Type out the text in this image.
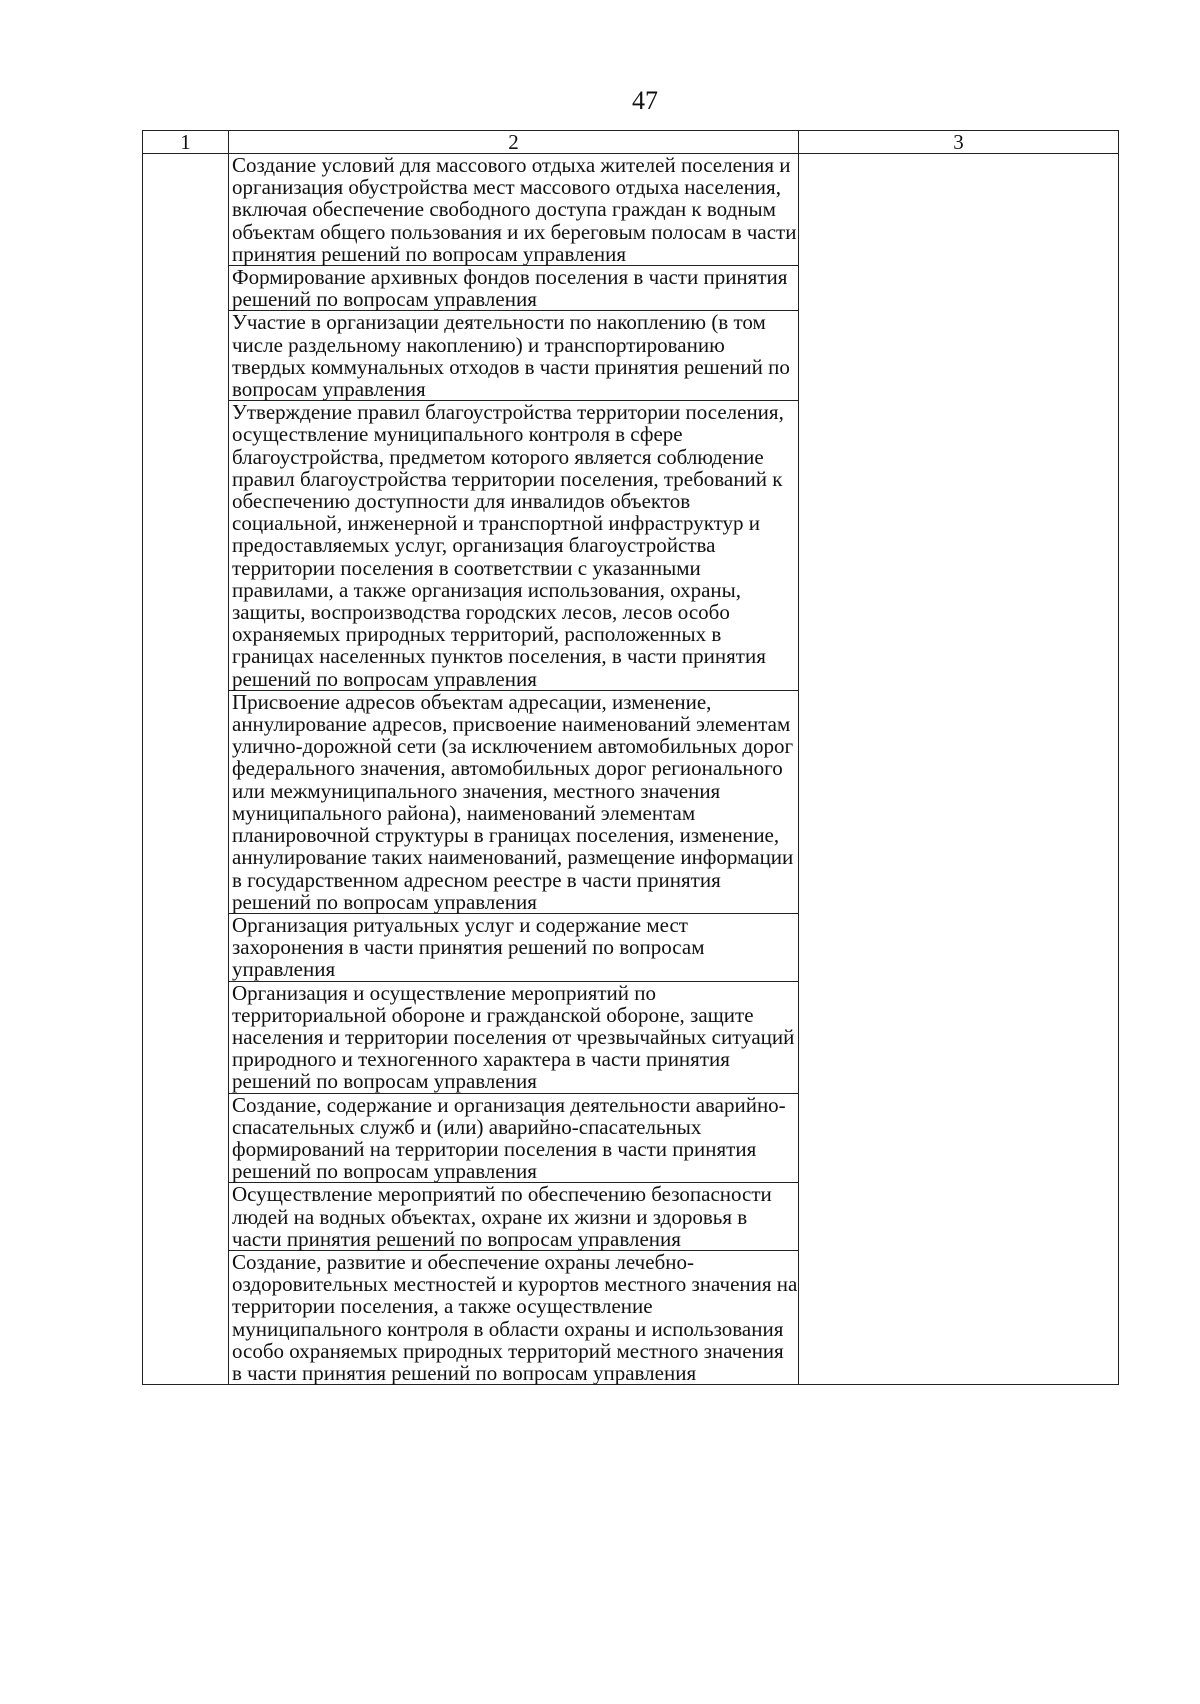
47
1	2	3

	Создание условий для массового отдыха жителей поселения и организация обустройства мест массового отдыха населения, включая обеспечение свободного доступа граждан к водным объектам общего пользования и их береговым полосам в части принятия решений по вопросам управления	

	Формирование архивных фондов поселения в части принятия решений по вопросам управления	

	Участие в организации деятельности по накоплению (в том числе раздельному накоплению) и транспортированию твердых коммунальных отходов в части принятия решений по вопросам управления	

	Утверждение правил благоустройства территории поселения, осуществление муниципального контроля в сфере благоустройства, предметом которого является соблюдение правил благоустройства территории поселения, требований к обеспечению доступности для инвалидов объектов социальной, инженерной и транспортной инфраструктур и предоставляемых услуг, организация благоустройства территории поселения в соответствии с указанными правилами, а также организация использования, охраны, защиты, воспроизводства городских лесов, лесов особо охраняемых природных территорий, расположенных в границах населенных пунктов поселения, в части принятия решений по вопросам управления	

	Присвоение адресов объектам адресации, изменение, аннулирование адресов, присвоение наименований элементам улично-дорожной сети (за исключением автомобильных дорог федерального значения, автомобильных дорог регионального или межмуниципального значения, местного значения муниципального района), наименований элементам планировочной структуры в границах поселения, изменение, аннулирование таких наименований, размещение информации в государственном адресном реестре в части принятия решений по вопросам управления	

	Организация ритуальных услуг и содержание мест захоронения в части принятия решений по вопросам управления	

	Организация и осуществление мероприятий по территориальной обороне и гражданской обороне, защите населения и территории поселения от чрезвычайных ситуаций природного и техногенного характера в части принятия решений по вопросам управления	

	Создание, содержание и организация деятельности аварийно-спасательных служб и (или) аварийно-спасательных формирований на территории поселения в части принятия решений по вопросам управления	

	Осуществление мероприятий по обеспечению безопасности людей на водных объектах, охране их жизни и здоровья в части принятия решений по вопросам управления	

	Создание, развитие и обеспечение охраны лечебно-оздоровительных местностей и курортов местного значения на территории поселения, а также осуществление муниципального контроля в области охраны и использования особо охраняемых природных территорий местного значения в части принятия решений по вопросам управления	
